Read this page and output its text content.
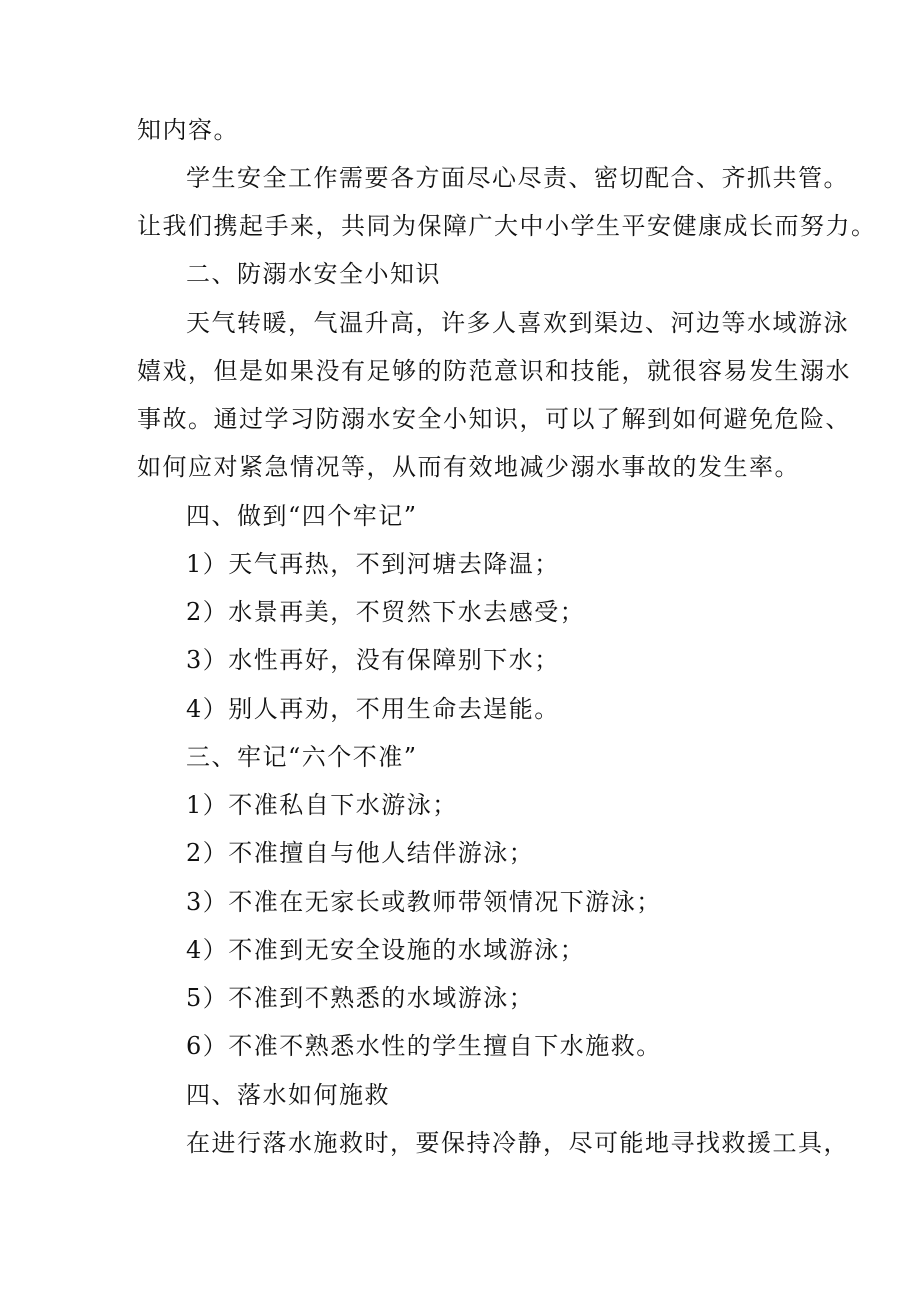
知内容。
学生安全工作需要各方面尽心尽责、密切配合、齐抓共管。
让我们携起手来，共同为保障广大中小学生平安健康成长而努力。
二、防溺水安全小知识
天气转暖，气温升高，许多人喜欢到渠边、河边等水域游泳
嬉戏，但是如果没有足够的防范意识和技能，就很容易发生溺水
事故。通过学习防溺水安全小知识，可以了解到如何避免危险、
如何应对紧急情况等，从而有效地减少溺水事故的发生率。
四、做到“四个牢记”
1）天气再热，不到河塘去降温；
2）水景再美，不贸然下水去感受；
3）水性再好，没有保障别下水；
4）别人再劝，不用生命去逞能。
三、牢记“六个不准”
1）不准私自下水游泳；
2）不准擅自与他人结伴游泳；
3）不准在无家长或教师带领情况下游泳；
4）不准到无安全设施的水域游泳；
5）不准到不熟悉的水域游泳；
6）不准不熟悉水性的学生擅自下水施救。
四、落水如何施救
在进行落水施救时，要保持冷静，尽可能地寻找救援工具，
